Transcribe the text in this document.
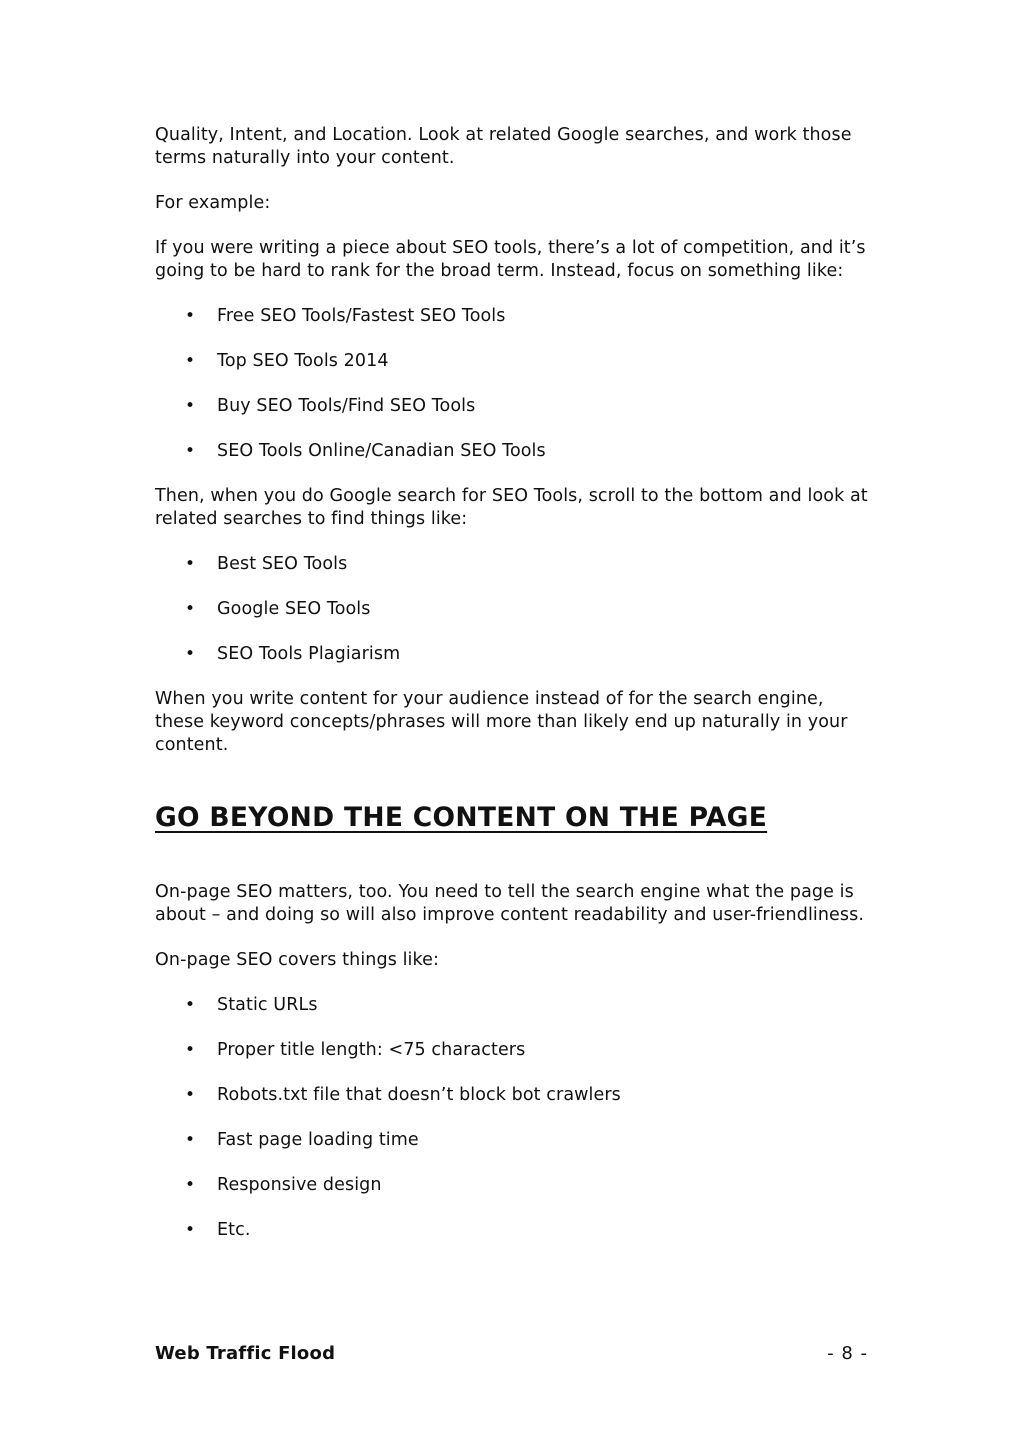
Quality, Intent, and Location. Look at related Google searches, and work those terms naturally into your content.

For example:

If you were writing a piece about SEO tools, there’s a lot of competition, and it’s going to be hard to rank for the broad term. Instead, focus on something like:

• Free SEO Tools/Fastest SEO Tools
• Top SEO Tools 2014
• Buy SEO Tools/Find SEO Tools
• SEO Tools Online/Canadian SEO Tools

Then, when you do Google search for SEO Tools, scroll to the bottom and look at related searches to find things like:

• Best SEO Tools
• Google SEO Tools
• SEO Tools Plagiarism

When you write content for your audience instead of for the search engine, these keyword concepts/phrases will more than likely end up naturally in your content.

GO BEYOND THE CONTENT ON THE PAGE

On-page SEO matters, too. You need to tell the search engine what the page is about – and doing so will also improve content readability and user-friendliness.

On-page SEO covers things like:

• Static URLs
• Proper title length: <75 characters
• Robots.txt file that doesn’t block bot crawlers
• Fast page loading time
• Responsive design
• Etc.
Web Traffic Flood	- 8 -
